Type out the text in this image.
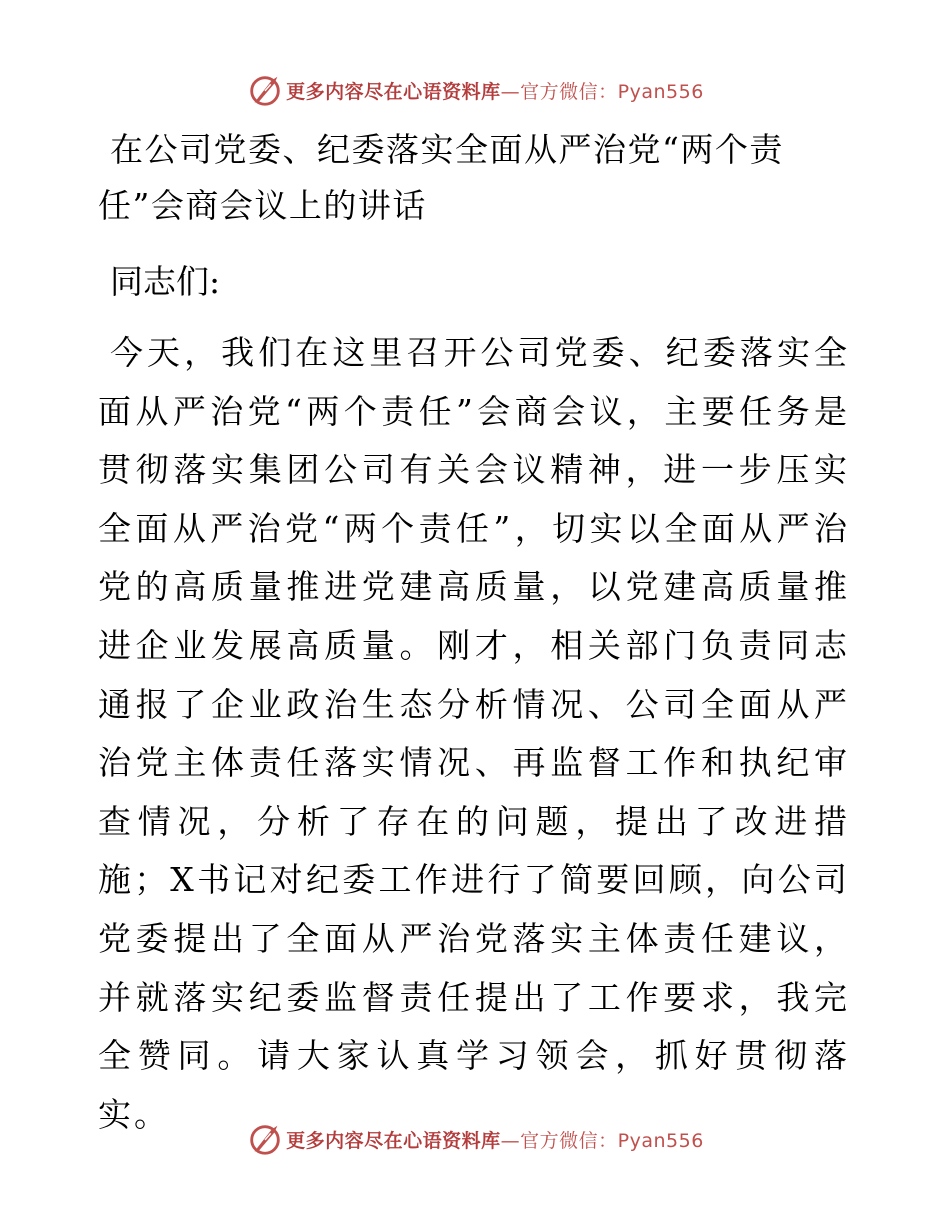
更多内容尽在心语资料库—官方微信：Pyan556
在公司党委、纪委落实全面从严治党“两个责任”会商会议上的讲话

同志们:

今天，我们在这里召开公司党委、纪委落实全面从严治党“两个责任”会商会议，主要任务是贯彻落实集团公司有关会议精神，进一步压实全面从严治党“两个责任”，切实以全面从严治党的高质量推进党建高质量，以党建高质量推进企业发展高质量。刚才，相关部门负责同志通报了企业政治生态分析情况、公司全面从严治党主体责任落实情况、再监督工作和执纪审查情况，分析了存在的问题，提出了改进措施；X书记对纪委工作进行了简要回顾，向公司党委提出了全面从严治党落实主体责任建议，并就落实纪委监督责任提出了工作要求，我完全赞同。请大家认真学习领会，抓好贯彻落实。

更多内容尽在心语资料库—官方微信：Pyan556
